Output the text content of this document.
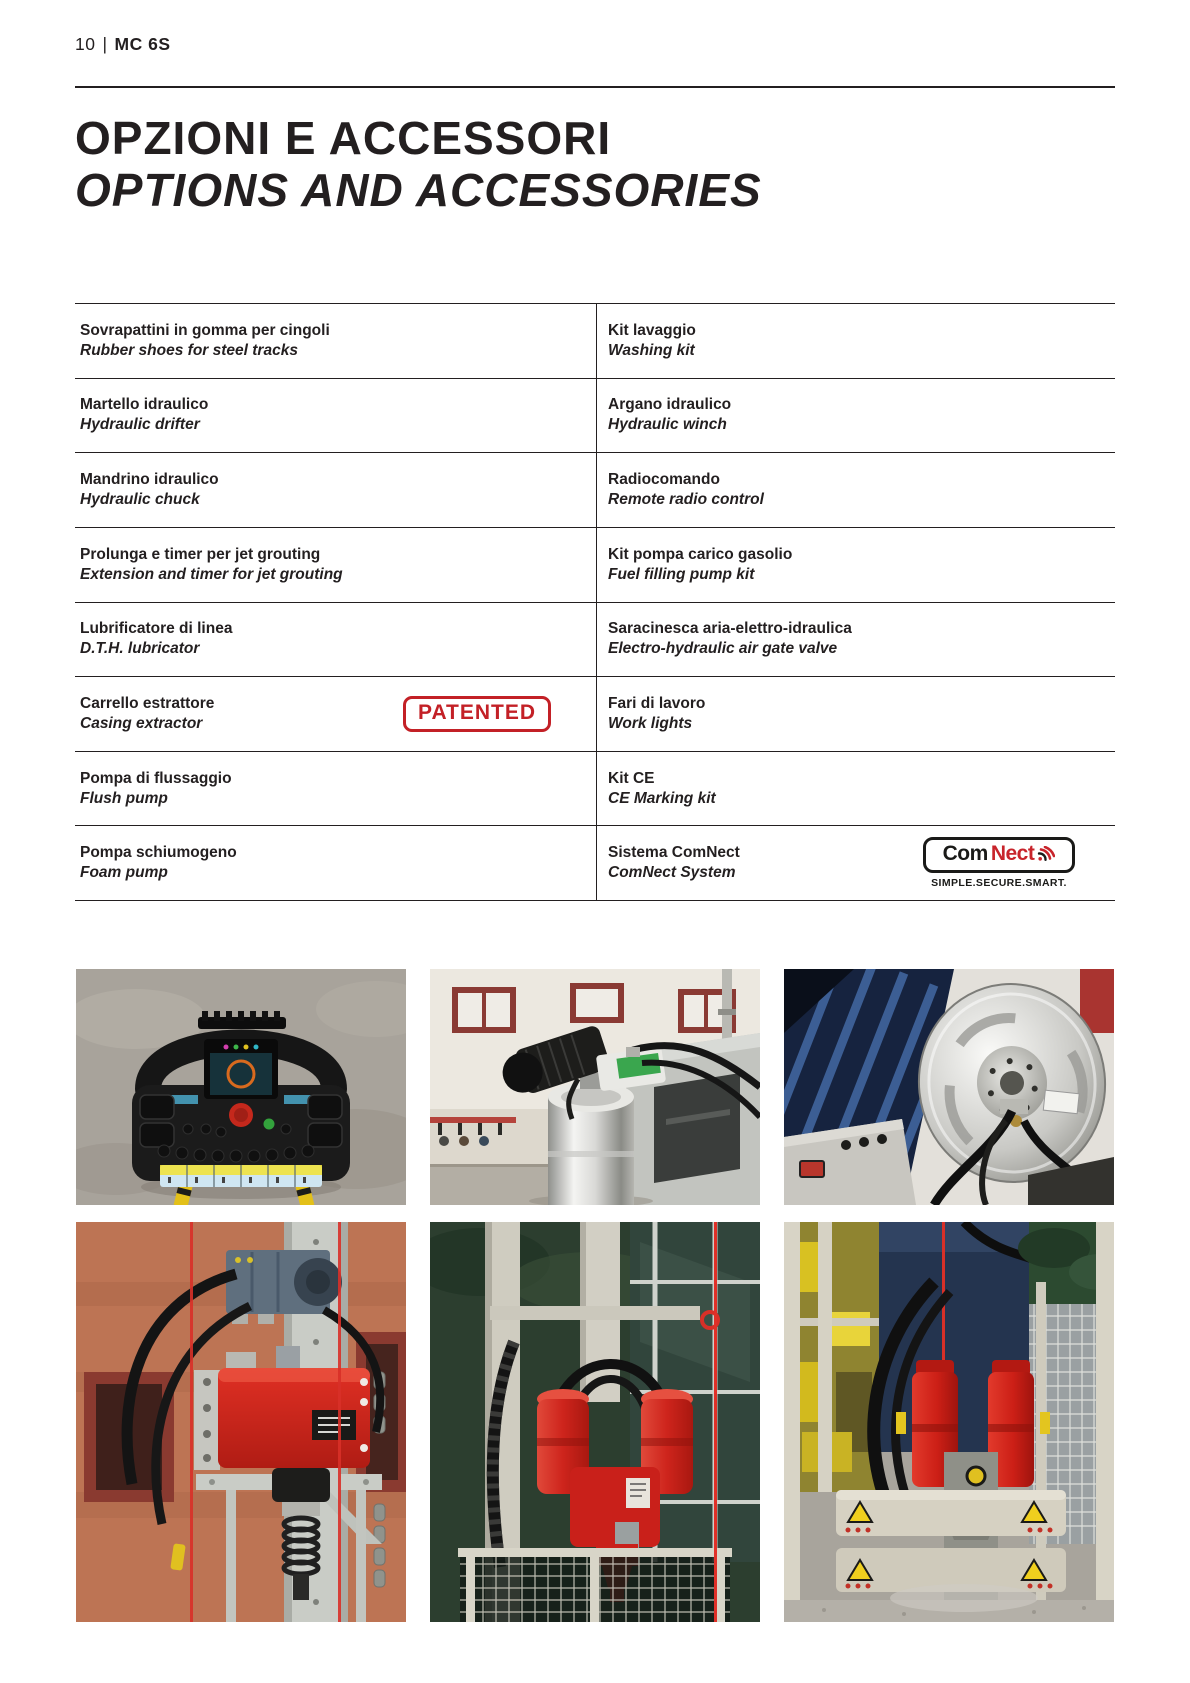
10 | MC 6S
OPZIONI E ACCESSORI
OPTIONS AND ACCESSORIES

Sovrapattini in gomma per cingoli

Rubber shoes for steel tracks

Kit lavaggio

Washing kit

Martello idraulico

Hydraulic drifter

Argano idraulico

Hydraulic winch

Mandrino idraulico

Hydraulic chuck

Radiocomando

Remote radio control

Prolunga e timer per jet grouting

Extension and timer for jet grouting

Kit pompa carico gasolio

Fuel filling pump kit

Lubrificatore di linea

D.T.H. lubricator

Saracinesca aria-elettro-idraulica

Electro-hydraulic air gate valve

Carrello estrattore

Casing extractor	PATENTED	Fari di lavoro

Work lights

Pompa di flussaggio

Flush pump

Kit CE

CE Marking kit

Pompa schiumogeno

Foam pump

Sistema ComNect

ComNect System

Com Nect
SIMPLE.SECURE.SMART.
